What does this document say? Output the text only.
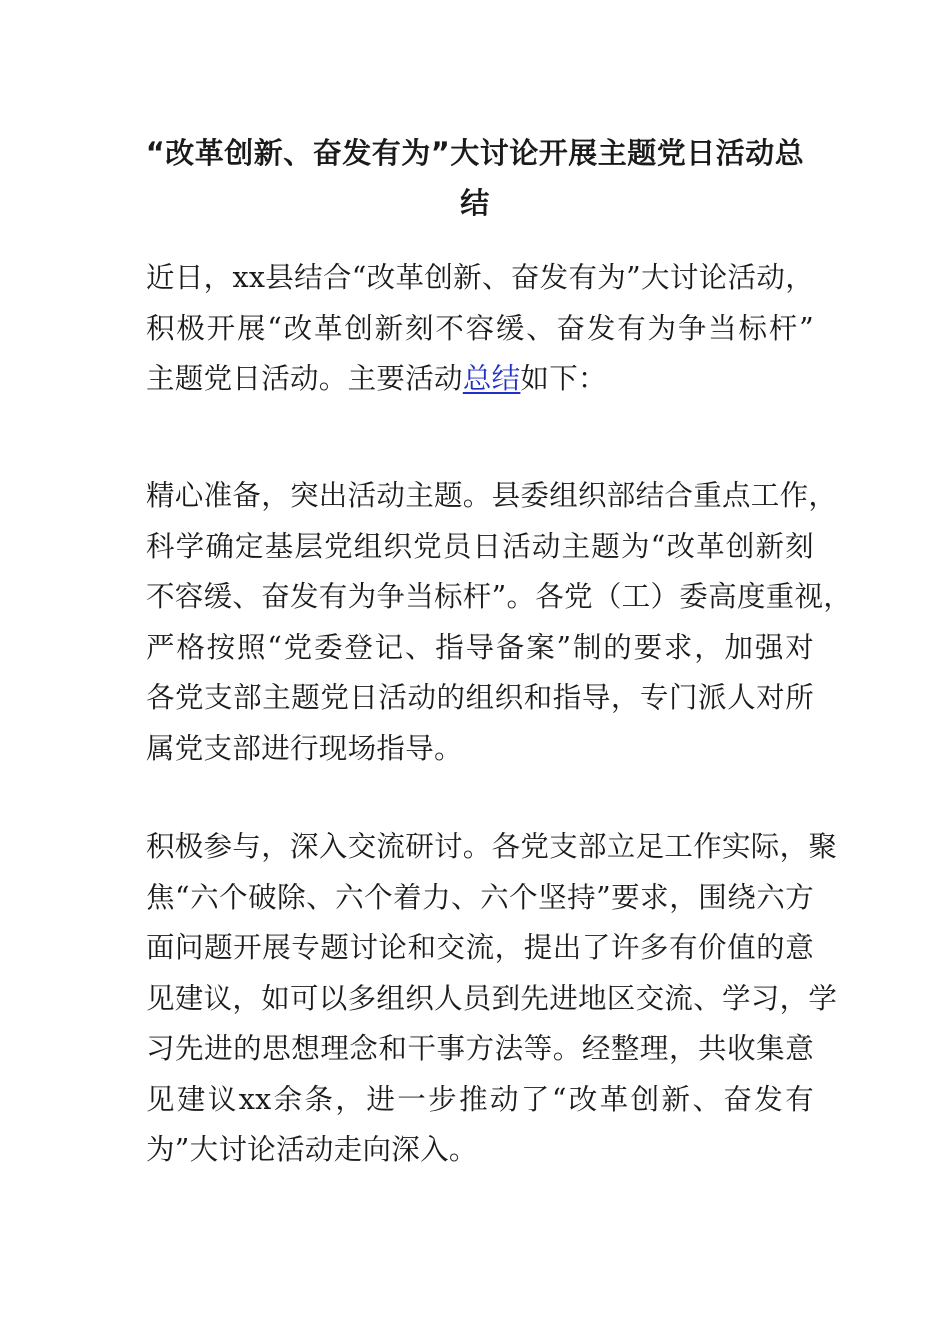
“改革创新、奋发有为”大讨论开展主题党日活动总
结
近日，xx县结合“改革创新、奋发有为”大讨论活动，
积极开展“改革创新刻不容缓、奋发有为争当标杆”
主题党日活动。主要活动总结如下：
精心准备，突出活动主题。县委组织部结合重点工作，
科学确定基层党组织党员日活动主题为“改革创新刻
不容缓、奋发有为争当标杆”。各党（工）委高度重视，
严格按照“党委登记、指导备案”制的要求，加强对
各党支部主题党日活动的组织和指导，专门派人对所
属党支部进行现场指导。
积极参与，深入交流研讨。各党支部立足工作实际，聚
焦“六个破除、六个着力、六个坚持”要求，围绕六方
面问题开展专题讨论和交流，提出了许多有价值的意
见建议，如可以多组织人员到先进地区交流、学习，学
习先进的思想理念和干事方法等。经整理，共收集意
见建议xx余条，进一步推动了“改革创新、奋发有
为”大讨论活动走向深入。
